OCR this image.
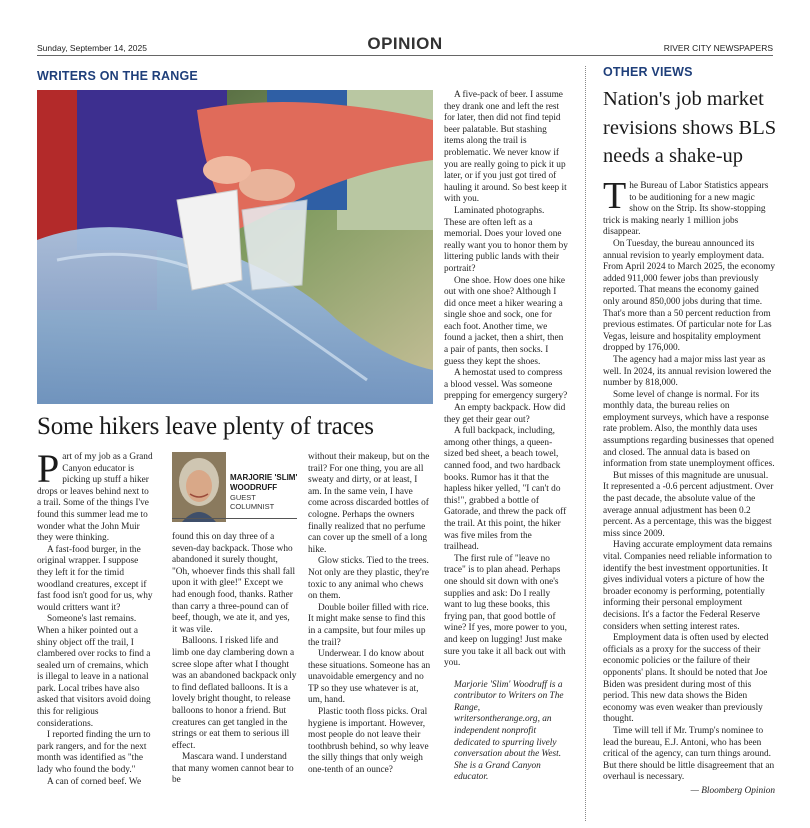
Sunday, September 14, 2025	OPINION	RIVER CITY NEWSPAPERS
WRITERS ON THE RANGE
Some hikers leave plenty of traces

Part of my job as a Grand Canyon educator is picking up stuff a hiker drops or leaves behind next to a trail. Some of the things I've found this summer lead me to wonder what the John Muir they were thinking.

A fast-food burger, in the original wrapper. I suppose they left it for the timid woodland creatures, except if fast food isn't good for us, why would critters want it?

Someone's last remains. When a hiker pointed out a shiny object off the trail, I clambered over rocks to find a sealed urn of cremains, which is illegal to leave in a national park. Local tribes have also asked that visitors avoid doing this for religious considerations.

I reported finding the urn to park rangers, and for the next month was identified as "the lady who found the body."

A can of corned beef. We

MARJORIE 'SLIM' WOODRUFF
GUEST COLUMNIST

found this on day three of a seven-day backpack. Those who abandoned it surely thought, "Oh, whoever finds this shall fall upon it with glee!" Except we had enough food, thanks. Rather than carry a three-pound can of beef, though, we ate it, and yes, it was vile.

Balloons. I risked life and limb one day clambering down a scree slope after what I thought was an abandoned backpack only to find deflated balloons. It is a lovely bright thought, to release balloons to honor a friend. But creatures can get tangled in the strings or eat them to serious ill effect.

Mascara wand. I understand that many women cannot bear to be

without their makeup, but on the trail? For one thing, you are all sweaty and dirty, or at least, I am. In the same vein, I have come across discarded bottles of cologne. Perhaps the owners finally realized that no perfume can cover up the smell of a long hike.

Glow sticks. Tied to the trees. Not only are they plastic, they're toxic to any animal who chews on them.

Double boiler filled with rice. It might make sense to find this in a campsite, but four miles up the trail?

Underwear. I do know about these situations. Someone has an unavoidable emergency and no TP so they use whatever is at, um, hand.

Plastic tooth floss picks. Oral hygiene is important. However, most people do not leave their toothbrush behind, so why leave the silly things that only weigh one-tenth of an ounce?

A five-pack of beer. I assume they drank one and left the rest for later, then did not find tepid beer palatable. But stashing items along the trail is problematic. We never know if you are really going to pick it up later, or if you just got tired of hauling it around. So best keep it with you.

Laminated photographs. These are often left as a memorial. Does your loved one really want you to honor them by littering public lands with their portrait?

One shoe. How does one hike out with one shoe? Although I did once meet a hiker wearing a single shoe and sock, one for each foot. Another time, we found a jacket, then a shirt, then a pair of pants, then socks. I guess they kept the shoes.

A hemostat used to compress a blood vessel. Was someone prepping for emergency surgery?

An empty backpack. How did they get their gear out?

A full backpack, including, among other things, a queen-sized bed sheet, a beach towel, canned food, and two hardback books. Rumor has it that the hapless hiker yelled, "I can't do this!", grabbed a bottle of Gatorade, and threw the pack off the trail. At this point, the hiker was five miles from the trailhead.

The first rule of "leave no trace" is to plan ahead. Perhaps one should sit down with one's supplies and ask: Do I really want to lug these books, this frying pan, that good bottle of wine? If yes, more power to you, and keep on lugging! Just make sure you take it all back out with you.

Marjorie 'Slim' Woodruff is a contributor to Writers on The Range, writersontherange.org, an independent nonprofit dedicated to spurring lively conversation about the West. She is a Grand Canyon educator.

OTHER VIEWS
Nation's job market revisions shows BLS needs a shake-up

The Bureau of Labor Statistics appears to be auditioning for a new magic show on the Strip. Its show-stopping trick is making nearly 1 million jobs disappear.

On Tuesday, the bureau announced its annual revision to yearly employment data. From April 2024 to March 2025, the economy added 911,000 fewer jobs than previously reported. That means the economy gained only around 850,000 jobs during that time. That's more than a 50 percent reduction from previous estimates. Of particular note for Las Vegas, leisure and hospitality employment dropped by 176,000.

The agency had a major miss last year as well. In 2024, its annual revision lowered the number by 818,000.

Some level of change is normal. For its monthly data, the bureau relies on employment surveys, which have a response rate problem. Also, the monthly data uses assumptions regarding businesses that opened and closed. The annual data is based on information from state unemployment offices.

But misses of this magnitude are unusual. It represented a -0.6 percent adjustment. Over the past decade, the absolute value of the average annual adjustment has been 0.2 percent. As a percentage, this was the biggest miss since 2009.

Having accurate employment data remains vital. Companies need reliable information to identify the best investment opportunities. It gives individual voters a picture of how the broader economy is performing, potentially informing their personal employment decisions. It's a factor the Federal Reserve considers when setting interest rates.

Employment data is often used by elected officials as a proxy for the success of their economic policies or the failure of their opponents' plans. It should be noted that Joe Biden was president during most of this period. This new data shows the Biden economy was even weaker than previously thought.

Time will tell if Mr. Trump's nominee to lead the bureau, E.J. Antoni, who has been critical of the agency, can turn things around. But there should be little disagreement that an overhaul is necessary.

— Bloomberg Opinion
